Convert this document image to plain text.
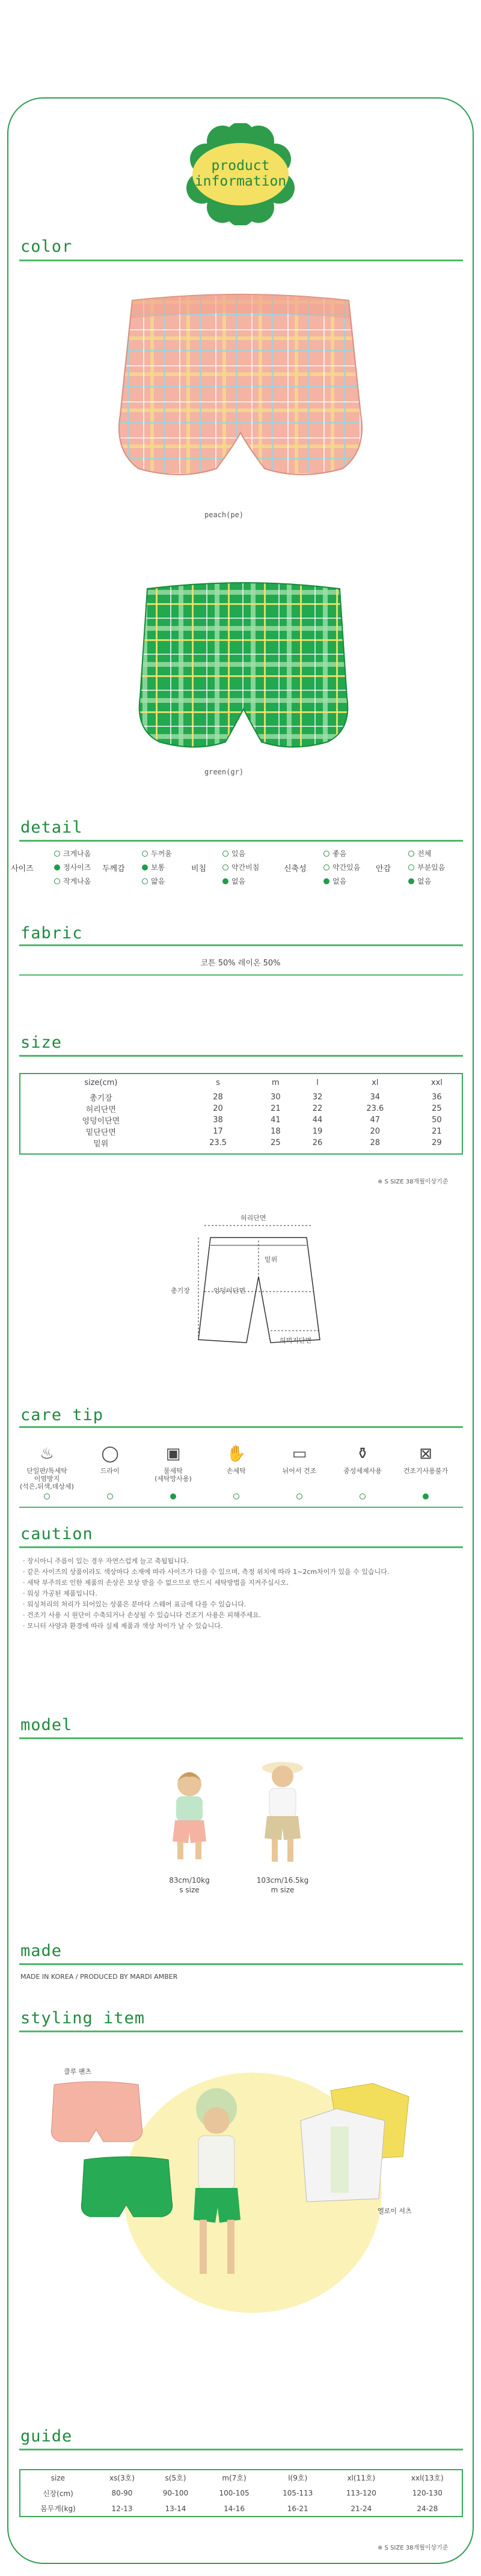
product
information
color
peach(pe)
green(gr)
detail
사이즈
크게나옴
정사이즈
작게나옴
두께감
두꺼움
보통
얇음
비침
있음
약간비침
없음
신축성
좋음
약간있음
없음
안감
전체
부분있음
없음
fabric
코튼 50% 레이온 50%
size
size(cm)	s	m	l	xl	xxl
총기장	28	30	32	34	36
허리단면	20	21	22	23.6	25
엉덩이단면	38	41	44	47	50
밑단단면	17	18	19	20	21
밑위	23.5	25	26	28	29
※ S SIZE 38개월이상기준
허리단면
밑위
총기장	엉덩이단면
허벅지단면
care tip
♨
단일판/특세탁
이염방지
(석은,뒤색,데상세)
◯
드라이
▣
물세탁
(세탁망사용)
✋
손세탁
▭
뉘어서 건조
⚱
중성세제사용
⊠
건조기사용불가
caution
· 장시아니 주름이 있는 경우 자연스럽게 늘고 축됩됩니다.
· 같은 사이즈의 상품이라도 색상마다 소재에 따라 사이즈가 다를 수 있으며, 측정 위치에 따라 1~2cm차이가 있을 수 있습니다.
· 세탁 부주의로 인한 제품의 손상은 보상 받을 수 없으므로 반드시 세탁방법을 지켜주십시오.
· 워싱 가공된 제품입니다.
· 워싱처리의 처리가 되어있는 상품은 분마다 스웨어 표금에 다를 수 있습니다.
· 건조기 사용 시 원단이 수축되거나 손상될 수 있습니다 건조기 사용은 피해주세요.
· 모니터 사양과 환경에 따라 실제 제품과 색상 차이가 날 수 있습니다.
model
83cm/10kg
s size
103cm/16.5kg
m size
made
MADE IN KOREA / PRODUCED BY MARDI AMBER
styling item
클루 팬츠
엘로이 셔츠
guide
size	xs(3호)	s(5호)	m(7호)	l(9호)	xl(11호)	xxl(13호)
신장(cm)	80-90	90-100	100-105	105-113	113-120	120-130
몸무게(kg)	12-13	13-14	14-16	16-21	21-24	24-28
※ S SIZE 38개월이상기준
